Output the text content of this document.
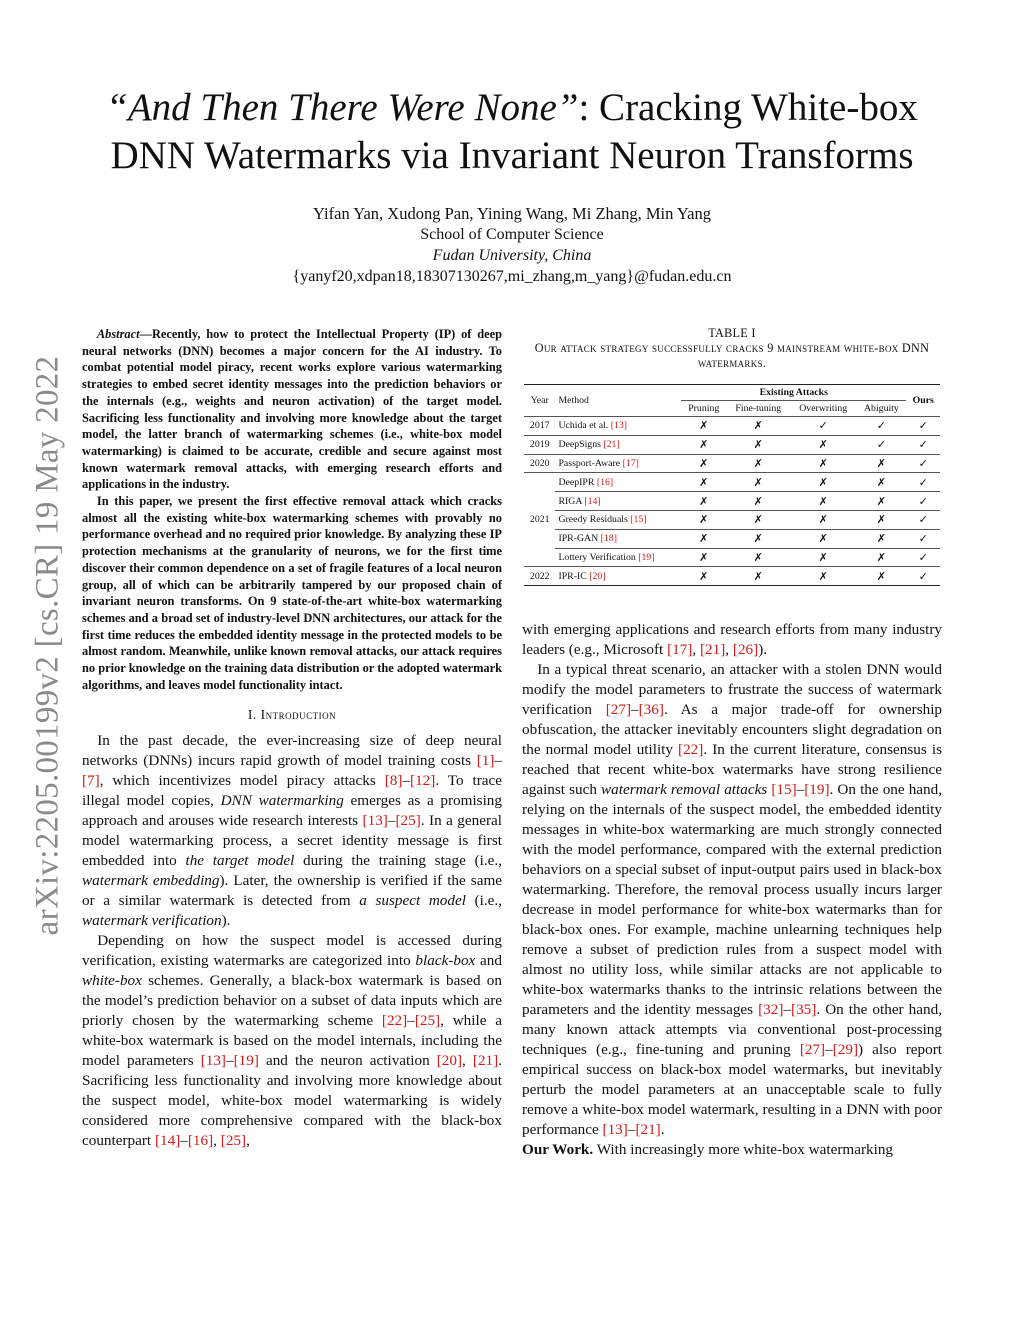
arXiv:2205.00199v2 [cs.CR] 19 May 2022
“And Then There Were None”: Cracking White-box
DNN Watermarks via Invariant Neuron Transforms
Yifan Yan, Xudong Pan, Yining Wang, Mi Zhang, Min Yang
School of Computer Science
Fudan University, China
{yanyf20,xdpan18,18307130267,mi_zhang,m_yang}@fudan.edu.cn

Abstract—Recently, how to protect the Intellectual Property (IP) of deep neural networks (DNN) becomes a major concern for the AI industry. To combat potential model piracy, recent works explore various watermarking strategies to embed secret identity messages into the prediction behaviors or the internals (e.g., weights and neuron activation) of the target model. Sacrificing less functionality and involving more knowledge about the target model, the latter branch of watermarking schemes (i.e., white-box model watermarking) is claimed to be accurate, credible and secure against most known watermark removal attacks, with emerging research efforts and applications in the industry.

In this paper, we present the first effective removal attack which cracks almost all the existing white-box watermarking schemes with provably no performance overhead and no required prior knowledge. By analyzing these IP protection mechanisms at the granularity of neurons, we for the first time discover their common dependence on a set of fragile features of a local neuron group, all of which can be arbitrarily tampered by our proposed chain of invariant neuron transforms. On 9 state-of-the-art white-box watermarking schemes and a broad set of industry-level DNN architectures, our attack for the first time reduces the embedded identity message in the protected models to be almost random. Meanwhile, unlike known removal attacks, our attack requires no prior knowledge on the training data distribution or the adopted watermark algorithms, and leaves model functionality intact.

I. Introduction

In the past decade, the ever-increasing size of deep neural networks (DNNs) incurs rapid growth of model training costs [1]–[7], which incentivizes model piracy attacks [8]–[12]. To trace illegal model copies, DNN watermarking emerges as a promising approach and arouses wide research interests [13]–[25]. In a general model watermarking process, a secret identity message is first embedded into the target model during the training stage (i.e., watermark embedding). Later, the ownership is verified if the same or a similar watermark is detected from a suspect model (i.e., watermark verification).

Depending on how the suspect model is accessed during verification, existing watermarks are categorized into black-box and white-box schemes. Generally, a black-box watermark is based on the model’s prediction behavior on a subset of data inputs which are priorly chosen by the watermarking scheme [22]–[25], while a white-box watermark is based on the model internals, including the model parameters [13]–[19] and the neuron activation [20], [21]. Sacrificing less functionality and involving more knowledge about the suspect model, white-box model watermarking is widely considered more comprehensive compared with the black-box counterpart [14]–[16], [25],

TABLE I
Our attack strategy successfully cracks 9 mainstream white-box DNN watermarks.
Year	Method	Existing Attacks				Ours
		Pruning	Fine-tuning	Overwriting	Abiguity	
2017	Uchida et al. [13]	✗	✗	✓	✓	✓
2019	DeepSigns [21]	✗	✗	✗	✓	✓
2020	Passport-Aware [17]	✗	✗	✗	✗	✓
2021	DeepIPR [16]	✗	✗	✗	✗	✓
	RIGA [14]	✗	✗	✗	✗	✓
	Greedy Residuals [15]	✗	✗	✗	✗	✓
	IPR-GAN [18]	✗	✗	✗	✗	✓
	Lottery Verification [19]	✗	✗	✗	✗	✓
2022	IPR-IC [20]	✗	✗	✗	✗	✓

with emerging applications and research efforts from many industry leaders (e.g., Microsoft [17], [21], [26]).

In a typical threat scenario, an attacker with a stolen DNN would modify the model parameters to frustrate the success of watermark verification [27]–[36]. As a major trade-off for ownership obfuscation, the attacker inevitably encounters slight degradation on the normal model utility [22]. In the current literature, consensus is reached that recent white-box watermarks have strong resilience against such watermark removal attacks [15]–[19]. On the one hand, relying on the internals of the suspect model, the embedded identity messages in white-box watermarking are much strongly connected with the model performance, compared with the external prediction behaviors on a special subset of input-output pairs used in black-box watermarking. Therefore, the removal process usually incurs larger decrease in model performance for white-box watermarks than for black-box ones. For example, machine unlearning techniques help remove a subset of prediction rules from a suspect model with almost no utility loss, while similar attacks are not applicable to white-box watermarks thanks to the intrinsic relations between the parameters and the identity messages [32]–[35]. On the other hand, many known attack attempts via conventional post-processing techniques (e.g., fine-tuning and pruning [27]–[29]) also report empirical success on black-box model watermarks, but inevitably perturb the model parameters at an unacceptable scale to fully remove a white-box model watermark, resulting in a DNN with poor performance [13]–[21].

Our Work. With increasingly more white-box watermarking
